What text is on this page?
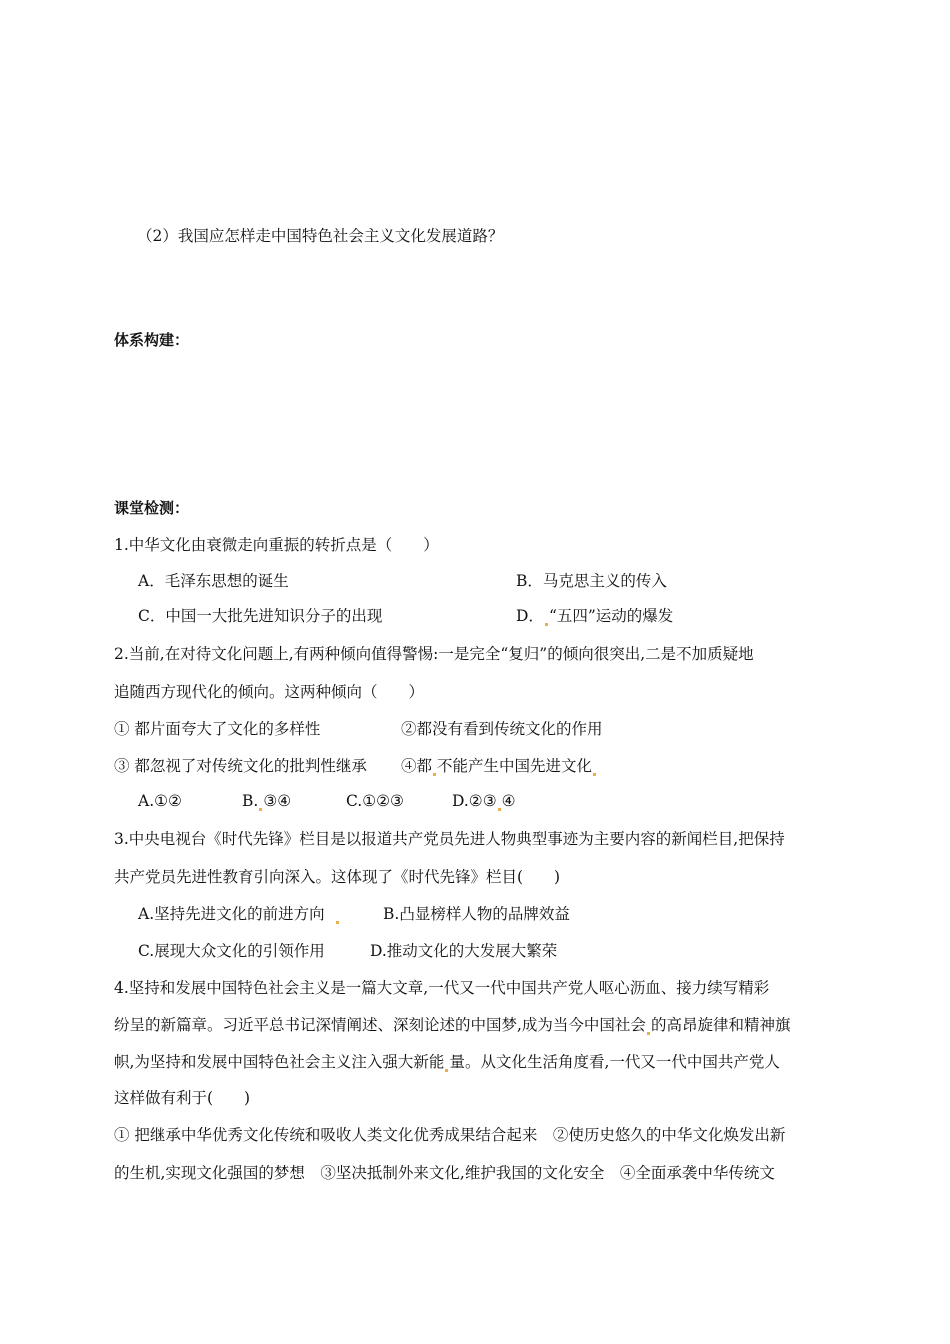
（2）我国应怎样走中国特色社会主义文化发展道路？
体系构建：
课堂检测：
1.中华文化由衰微走向重振的转折点是（　　）
A．毛泽东思想的诞生	B．马克思主义的传入
C．中国一大批先进知识分子的出现	D． “五四”运动的爆发
2.当前,在对待文化问题上,有两种倾向值得警惕:一是完全“复归”的倾向很突出,二是不加质疑地
追随西方现代化的倾向。这两种倾向（　　）
① 都片面夸大了文化的多样性	②都没有看到传统文化的作用
③ 都忽视了对传统文化的批判性继承 ④都 不能产生中国先进文化
A.①②	B. ③④	C.①②③	D.②③ ④
3.中央电视台《时代先锋》栏目是以报道共产党员先进人物典型事迹为主要内容的新闻栏目,把保持
共产党员先进性教育引向深入。这体现了《时代先锋》栏目(　　)
A.坚持先进文化的前进方向	B.凸显榜样人物的品牌效益
C.展现大众文化的引领作用	D.推动文化的大发展大繁荣
4.坚持和发展中国特色社会主义是一篇大文章,一代又一代中国共产党人呕心沥血、接力续写精彩
纷呈的新篇章。习近平总书记深情阐述、深刻论述的中国梦,成为当今中国社会 的高昂旋律和精神旗
帜,为坚持和发展中国特色社会主义注入强大新能 量。从文化生活角度看,一代又一代中国共产党人
这样做有利于(　　)
① 把继承中华优秀文化传统和吸收人类文化优秀成果结合起来　②使历史悠久的中华文化焕发出新
的生机,实现文化强国的梦想　③坚决抵制外来文化,维护我国的文化安全　④全面承袭中华传统文
